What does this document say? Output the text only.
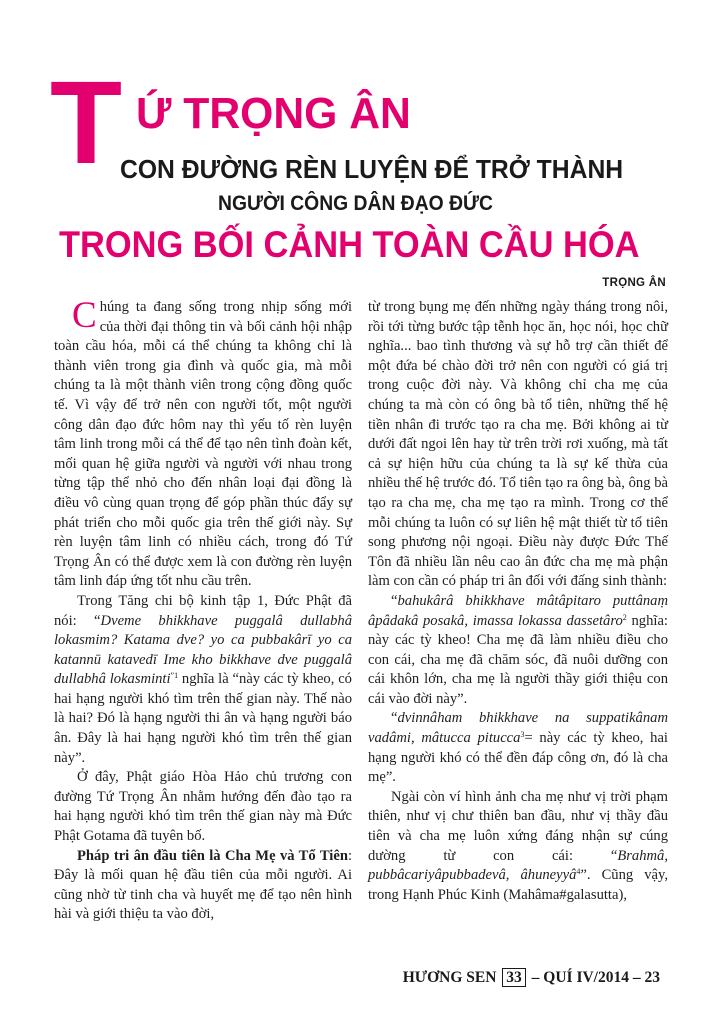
T Ứ TRỌNG ÂN
CON ĐƯỜNG RÈN LUYỆN ĐỂ TRỞ THÀNH
NGƯỜI CÔNG DÂN ĐẠO ĐỨC
TRONG BỐI CẢNH TOÀN CẦU HÓA
TRỌNG ÂN

Chúng ta đang sống trong nhịp sống mới của thời đại thông tin và bối cảnh hội nhập toàn cầu hóa, mỗi cá thể chúng ta không chỉ là thành viên trong gia đình và quốc gia, mà mỗi chúng ta là một thành viên trong cộng đồng quốc tế. Vì vậy để trở nên con người tốt, một người công dân đạo đức hôm nay thì yếu tố rèn luyện tâm linh trong mỗi cá thể để tạo nên tình đoàn kết, mối quan hệ giữa người và người với nhau trong từng tập thể nhỏ cho đến nhân loại đại đồng là điều vô cùng quan trọng để góp phần thúc đẩy sự phát triển cho mỗi quốc gia trên thế giới này. Sự rèn luyện tâm linh có nhiều cách, trong đó Tứ Trọng Ân có thể được xem là con đường rèn luyện tâm linh đáp ứng tốt nhu cầu trên.

Trong Tăng chi bộ kinh tập 1, Đức Phật đã nói: “Dveme bhikkhave puggalâ dullabhâ lokasmim? Katama dve? yo ca pubbakârī yo ca katannū katavedī Ime kho bikkhave dve puggalâ dullabhâ lokasminti$^{”1}$ nghĩa là “này các tỳ kheo, có hai hạng người khó tìm trên thế gian này. Thế nào là hai? Đó là hạng người thi ân và hạng người báo ân. Đây là hai hạng người khó tìm trên thế gian này”.

Ở đây, Phật giáo Hòa Hảo chủ trương con đường Tứ Trọng Ân nhằm hướng đến đào tạo ra hai hạng người khó tìm trên thế gian này mà Đức Phật Gotama đã tuyên bố.

Pháp tri ân đầu tiên là Cha Mẹ và Tổ Tiên: Đây là mối quan hệ đầu tiên của mỗi người. Ai cũng nhờ từ tinh cha và huyết mẹ để tạo nên hình hài và giới thiệu ta vào đời,

từ trong bụng mẹ đến những ngày tháng trong nôi, rồi tới từng bước tập tễnh học ăn, học nói, học chữ nghĩa... bao tình thương và sự hỗ trợ cần thiết để một đứa bé chào đời trở nên con người có giá trị trong cuộc đời này. Và không chỉ cha mẹ của chúng ta mà còn có ông bà tổ tiên, những thế hệ tiền nhân đi trước tạo ra cha mẹ. Bởi không ai từ dưới đất ngoi lên hay từ trên trời rơi xuống, mà tất cả sự hiện hữu của chúng ta là sự kế thừa của nhiều thế hệ trước đó. Tổ tiên tạo ra ông bà, ông bà tạo ra cha mẹ, cha mẹ tạo ra mình. Trong cơ thể mỗi chúng ta luôn có sự liên hệ mật thiết từ tổ tiên song phương nội ngoại. Điều này được Đức Thế Tôn đã nhiều lần nêu cao ân đức cha mẹ mà phận làm con cần có pháp tri ân đối với đấng sinh thành:

“bahukârâ bhikkhave mâtâpitaro puttânaṃ âpâdakâ posakâ, imassa lokassa dassetâro$^2$ nghĩa: này các tỳ kheo! Cha mẹ đã làm nhiều điều cho con cái, cha mẹ đã chăm sóc, đã nuôi dưỡng con cái khôn lớn, cha mẹ là người thầy giới thiệu con cái vào đời này”.

“dvinnâham bhikkhave na suppatikânam vadâmi, mâtucca pitucca$^3$= này các tỳ kheo, hai hạng người khó có thể đền đáp công ơn, đó là cha mẹ”.

Ngài còn ví hình ảnh cha mẹ như vị trời phạm thiên, như vị chư thiên ban đầu, như vị thầy đầu tiên và cha mẹ luôn xứng đáng nhận sự cúng dường từ con cái: “Brahmâ, pubbâcariyâpubbadevâ, âhuneyyâ$^4$”. Cũng vậy, trong Hạnh Phúc Kinh (Mahâma#galasutta),

HƯƠNG SEN 33 – QUÍ IV/2014 – 23
